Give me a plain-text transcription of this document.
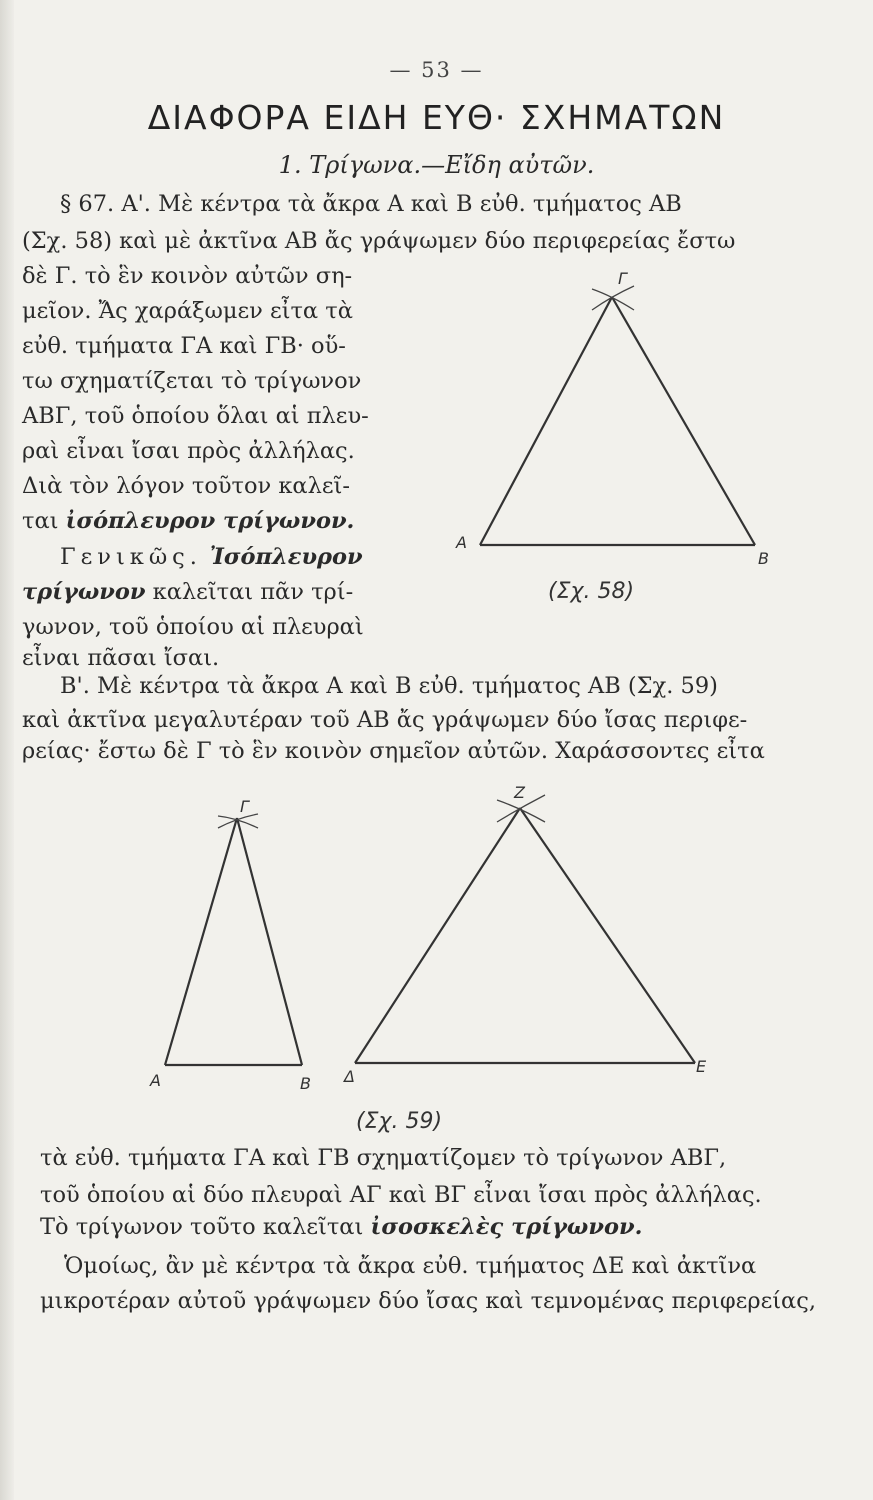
— 53 —
ΔΙΑΦΟΡΑ ΕΙΔΗ ΕΥΘ· ΣΧΗΜΑΤΩΝ
1. Τρίγωνα.—Εἴδη αὐτῶν.
§ 67. Α'. Μὲ κέντρα τὰ ἄκρα Α καὶ Β εὐθ. τμήματος ΑΒ
(Σχ. 58) καὶ μὲ ἀκτῖνα ΑΒ ἄς γράψωμεν δύο περιφερείας ἔστω
δὲ Γ. τὸ ἓν κοινὸν αὐτῶν ση-
μεῖον. Ἄς χαράξωμεν εἶτα τὰ
εὐθ. τμήματα ΓΑ καὶ ΓΒ· οὕ-
τω σχηματίζεται τὸ τρίγωνον
ΑΒΓ, τοῦ ὁποίου ὅλαι αἱ πλευ-
ραὶ εἶναι ἴσαι πρὸς ἀλλήλας.
Διὰ τὸν λόγον τοῦτον καλεῖ-
ται ἰσόπλευρον τρίγωνον.
Γενικῶς. Ἰσόπλευρον
τρίγωνον καλεῖται πᾶν τρί-
γωνον, τοῦ ὁποίου αἱ πλευραὶ
εἶναι πᾶσαι ἴσαι.
Β'. Μὲ κέντρα τὰ ἄκρα Α καὶ Β εὐθ. τμήματος ΑΒ (Σχ. 59)
καὶ ἀκτῖνα μεγαλυτέραν τοῦ ΑΒ ἄς γράψωμεν δύο ἴσας περιφε-
ρείας· ἔστω δὲ Γ τὸ ἓν κοινὸν σημεῖον αὐτῶν. Χαράσσοντες εἶτα
Γ
Α
Β
(Σχ. 58)
Γ
Α	Β
Ζ
Δ
Ε
(Σχ. 59)
τὰ εὐθ. τμήματα ΓΑ καὶ ΓΒ σχηματίζομεν τὸ τρίγωνον ΑΒΓ,
τοῦ ὁποίου αἱ δύο πλευραὶ ΑΓ καὶ ΒΓ εἶναι ἴσαι πρὸς ἀλλήλας.
Τὸ τρίγωνον τοῦτο καλεῖται ἰσοσκελὲς τρίγωνον.
Ὁμοίως, ἂν μὲ κέντρα τὰ ἄκρα εὐθ. τμήματος ΔΕ καὶ ἀκτῖνα
μικροτέραν αὐτοῦ γράψωμεν δύο ἴσας καὶ τεμνομένας περιφερείας,
